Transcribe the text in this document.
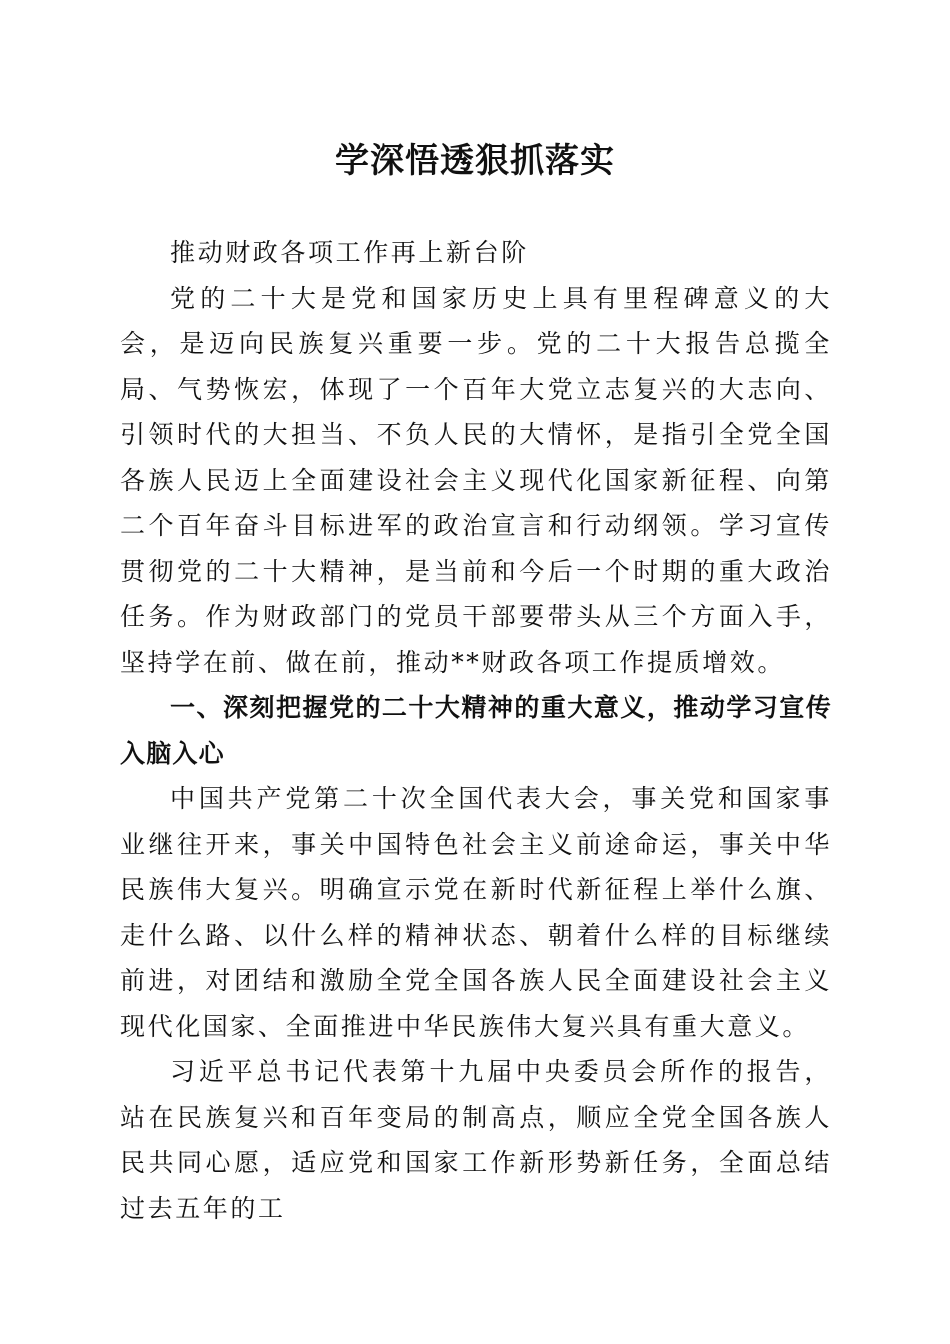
学深悟透狠抓落实

推动财政各项工作再上新台阶

党的二十大是党和国家历史上具有里程碑意义的大会，是迈向民族复兴重要一步。党的二十大报告总揽全局、气势恢宏，体现了一个百年大党立志复兴的大志向、引领时代的大担当、不负人民的大情怀，是指引全党全国各族人民迈上全面建设社会主义现代化国家新征程、向第二个百年奋斗目标进军的政治宣言和行动纲领。学习宣传贯彻党的二十大精神，是当前和今后一个时期的重大政治任务。作为财政部门的党员干部要带头从三个方面入手，坚持学在前、做在前，推动**财政各项工作提质增效。

一、深刻把握党的二十大精神的重大意义，推动学习宣传入脑入心

中国共产党第二十次全国代表大会，事关党和国家事业继往开来，事关中国特色社会主义前途命运，事关中华民族伟大复兴。明确宣示党在新时代新征程上举什么旗、走什么路、以什么样的精神状态、朝着什么样的目标继续前进，对团结和激励全党全国各族人民全面建设社会主义现代化国家、全面推进中华民族伟大复兴具有重大意义。

习近平总书记代表第十九届中央委员会所作的报告，站在民族复兴和百年变局的制高点，顺应全党全国各族人民共同心愿，适应党和国家工作新形势新任务，全面总结过去五年的工
